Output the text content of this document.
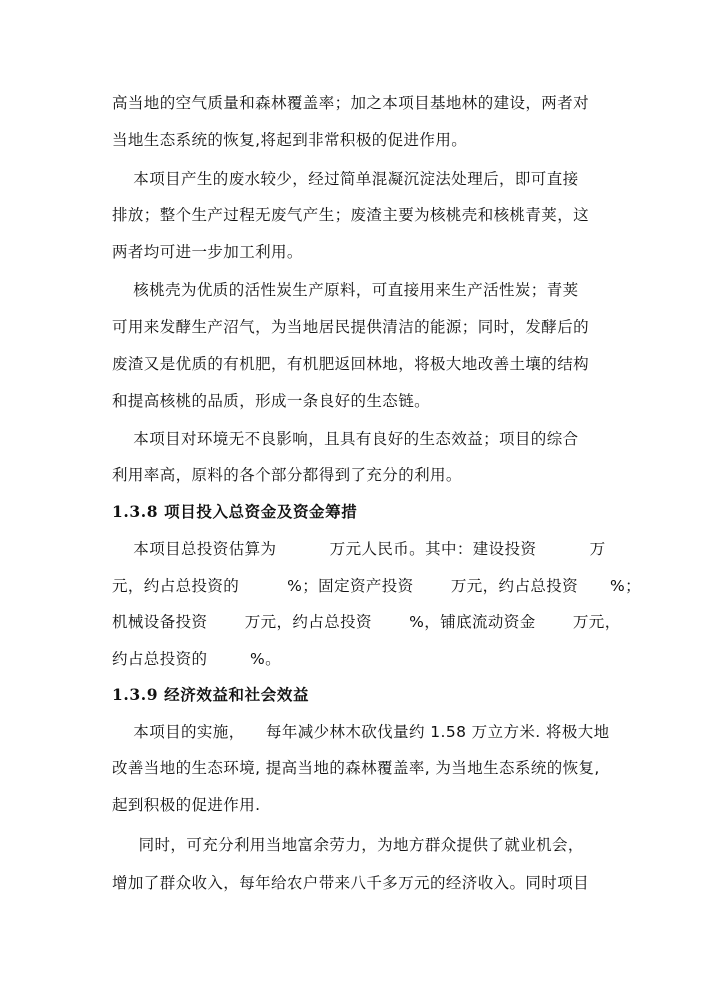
高当地的空气质量和森林覆盖率；加之本项目基地林的建设，两者对
当地生态系统的恢复,将起到非常积极的促进作用。
本项目产生的废水较少，经过简单混凝沉淀法处理后，即可直接
排放；整个生产过程无废气产生；废渣主要为核桃壳和核桃青荚，这
两者均可进一步加工利用。
核桃壳为优质的活性炭生产原料，可直接用来生产活性炭；青荚
可用来发酵生产沼气，为当地居民提供清洁的能源；同时，发酵后的
废渣又是优质的有机肥，有机肥返回林地，将极大地改善土壤的结构
和提高核桃的品质，形成一条良好的生态链。
本项目对环境无不良影响，且具有良好的生态效益；项目的综合
利用率高，原料的各个部分都得到了充分的利用。
1.3.8 项目投入总资金及资金筹措
本项目总投资估算为          万元人民币。其中：建设投资          万
元，约占总投资的         %；固定资产投资       万元，约占总投资      %；
机械设备投资       万元，约占总投资       %，铺底流动资金       万元，
约占总投资的        %。
1.3.9 经济效益和社会效益
本项目的实施，    每年减少林木砍伐量约 1.58 万立方米. 将极大地
改善当地的生态环境, 提高当地的森林覆盖率, 为当地生态系统的恢复,
起到积极的促进作用.
同时，可充分利用当地富余劳力，为地方群众提供了就业机会，
增加了群众收入，每年给农户带来八千多万元的经济收入。同时项目
